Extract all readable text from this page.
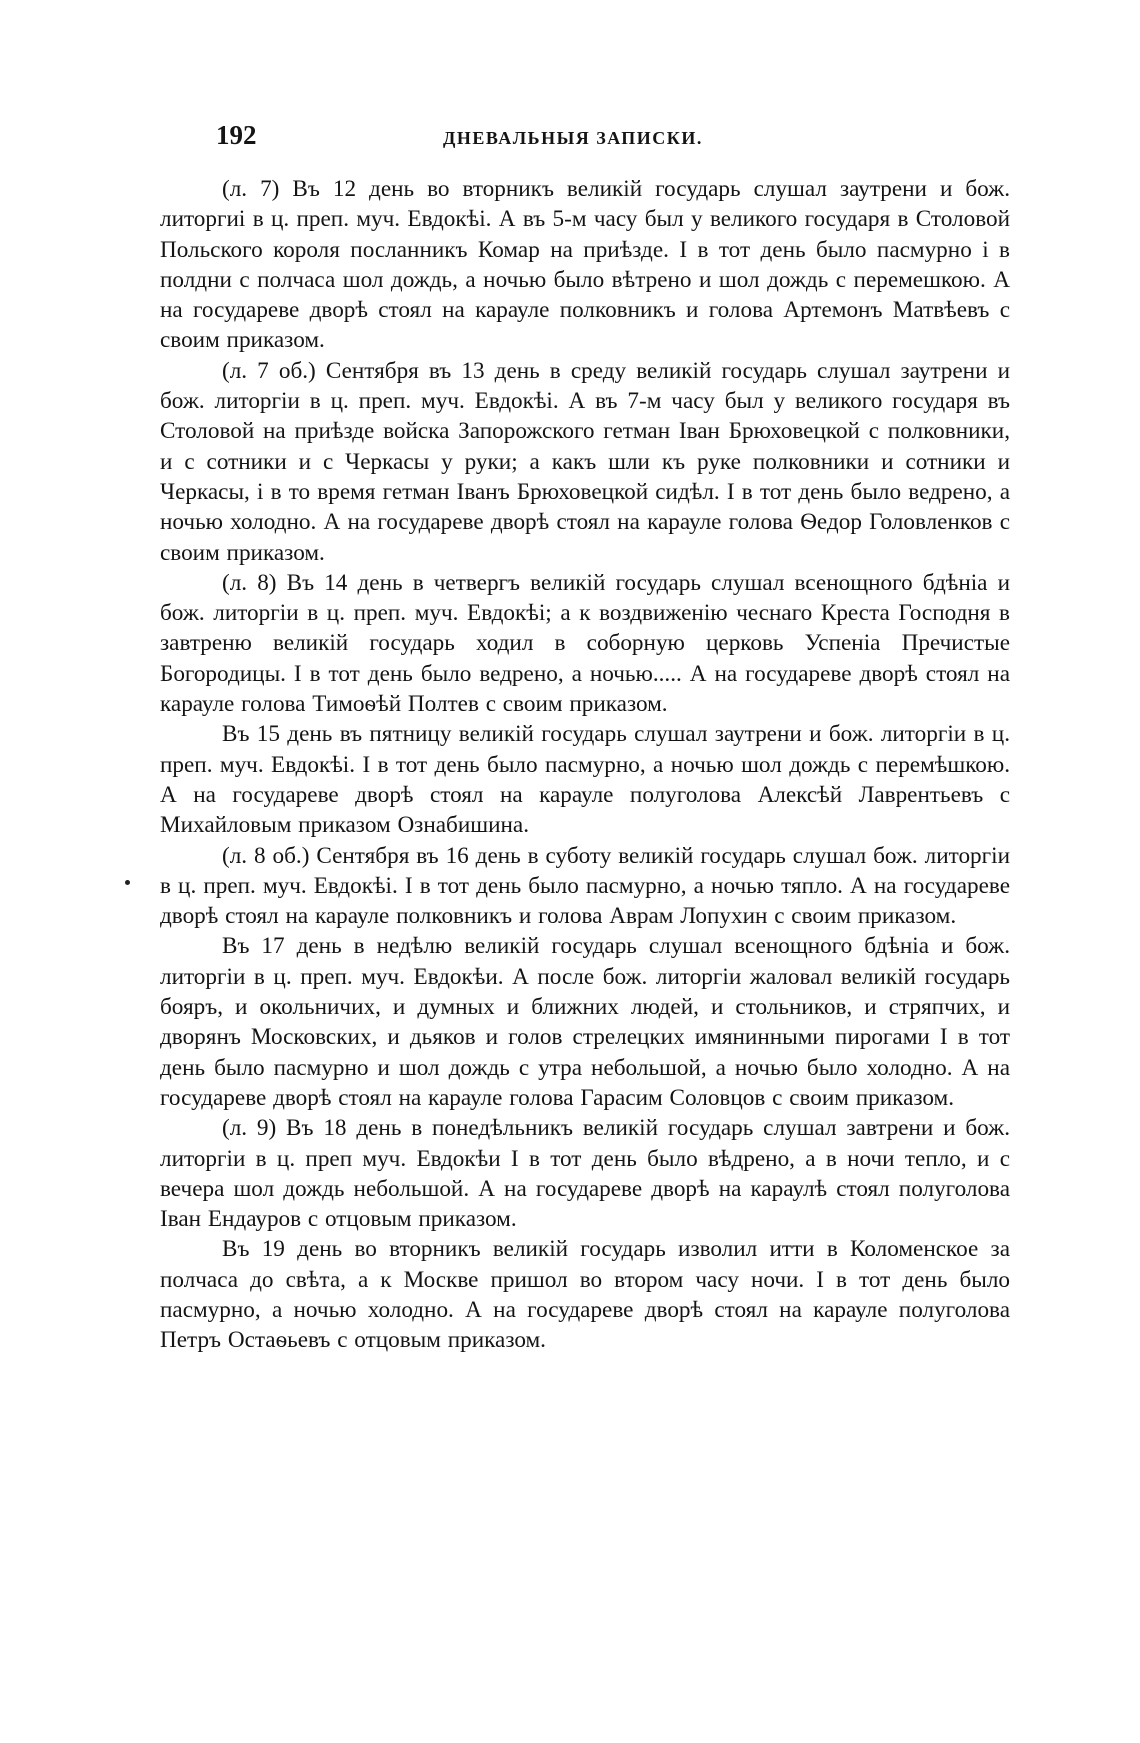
192	ДНЕВАЛЬНЫЯ ЗАПИСКИ.

(л. 7) Въ 12 день во вторникъ великій государь слушал заутрени и бож. литоргиі в ц. преп. муч. Евдокѣі. А въ 5-м часу был у великого государя в Столовой Польского короля посланникъ Комар на приѣзде. І в тот день было пасмурно і в полдни с полчаса шол дождь, а ночью было вѣтрено и шол дождь с перемешкою. А на государеве дворѣ стоял на карауле полковникъ и голова Артемонъ Матвѣевъ с своим приказом.

(л. 7 об.) Сентября въ 13 день в среду великій государь слушал заутрени и бож. литоргіи в ц. преп. муч. Евдокѣі. А въ 7-м часу был у великого государя въ Столовой на приѣзде войска Запорожского гетман Іван Брюховецкой с полковники, и с сотники и с Черкасы у руки; а какъ шли къ руке полковники и сотники и Черкасы, і в то время гетман Іванъ Брюховецкой сидѣл. І в тот день было ведрено, а ночью холодно. А на государеве дворѣ стоял на карауле голова Ѳедор Головленков с своим приказом.

(л. 8) Въ 14 день в четвергъ великій государь слушал всенощного бдѣніа и бож. литоргіи в ц. преп. муч. Евдокѣі; а к воздвиженію чеснаго Креста Господня в завтреню великій государь ходил в соборную церковь Успеніа Пречистые Богородицы. І в тот день было ведрено, а ночью..... А на государеве дворѣ стоял на карауле голова Тимоѳѣй Полтев с своим приказом.

Въ 15 день въ пятницу великій государь слушал заутрени и бож. литоргіи в ц. преп. муч. Евдокѣі. І в тот день было пасмурно, а ночью шол дождь с перемѣшкою. А на государеве дворѣ стоял на карауле полуголова Алексѣй Лаврентьевъ с Михайловым приказом Ознабишина.

(л. 8 об.) Сентября въ 16 день в суботу великій государь слушал бож. литоргіи в ц. преп. муч. Евдокѣі. І в тот день было пасмурно, а ночью тяпло. А на государеве дворѣ стоял на карауле полковникъ и голова Аврам Лопухин с своим приказом.

Въ 17 день в недѣлю великій государь слушал всенощного бдѣніа и бож. литоргіи в ц. преп. муч. Евдокѣи. А после бож. литоргіи жаловал великій государь бояръ, и окольничих, и думных и ближних людей, и стольников, и стряпчих, и дворянъ Московских, и дьяков и голов стрелецких имянинными пирогами І в тот день было пасмурно и шол дождь с утра небольшой, а ночью было холодно. А на государеве дворѣ стоял на карауле голова Гарасим Соловцов с своим приказом.

(л. 9) Въ 18 день в понедѣльникъ великій государь слушал завтрени и бож. литоргіи в ц. преп муч. Евдокѣи І в тот день было вѣдрено, а в ночи тепло, и с вечера шол дождь небольшой. А на государеве дворѣ на караулѣ стоял полуголова Іван Ендауров с отцовым приказом.

Въ 19 день во вторникъ великій государь изволил итти в Коломенское за полчаса до свѣта, а к Москве пришол во втором часу ночи. І в тот день было пасмурно, а ночью холодно. А на государеве дворѣ стоял на карауле полуголова Петръ Остаѳьевъ с отцовым приказом.
